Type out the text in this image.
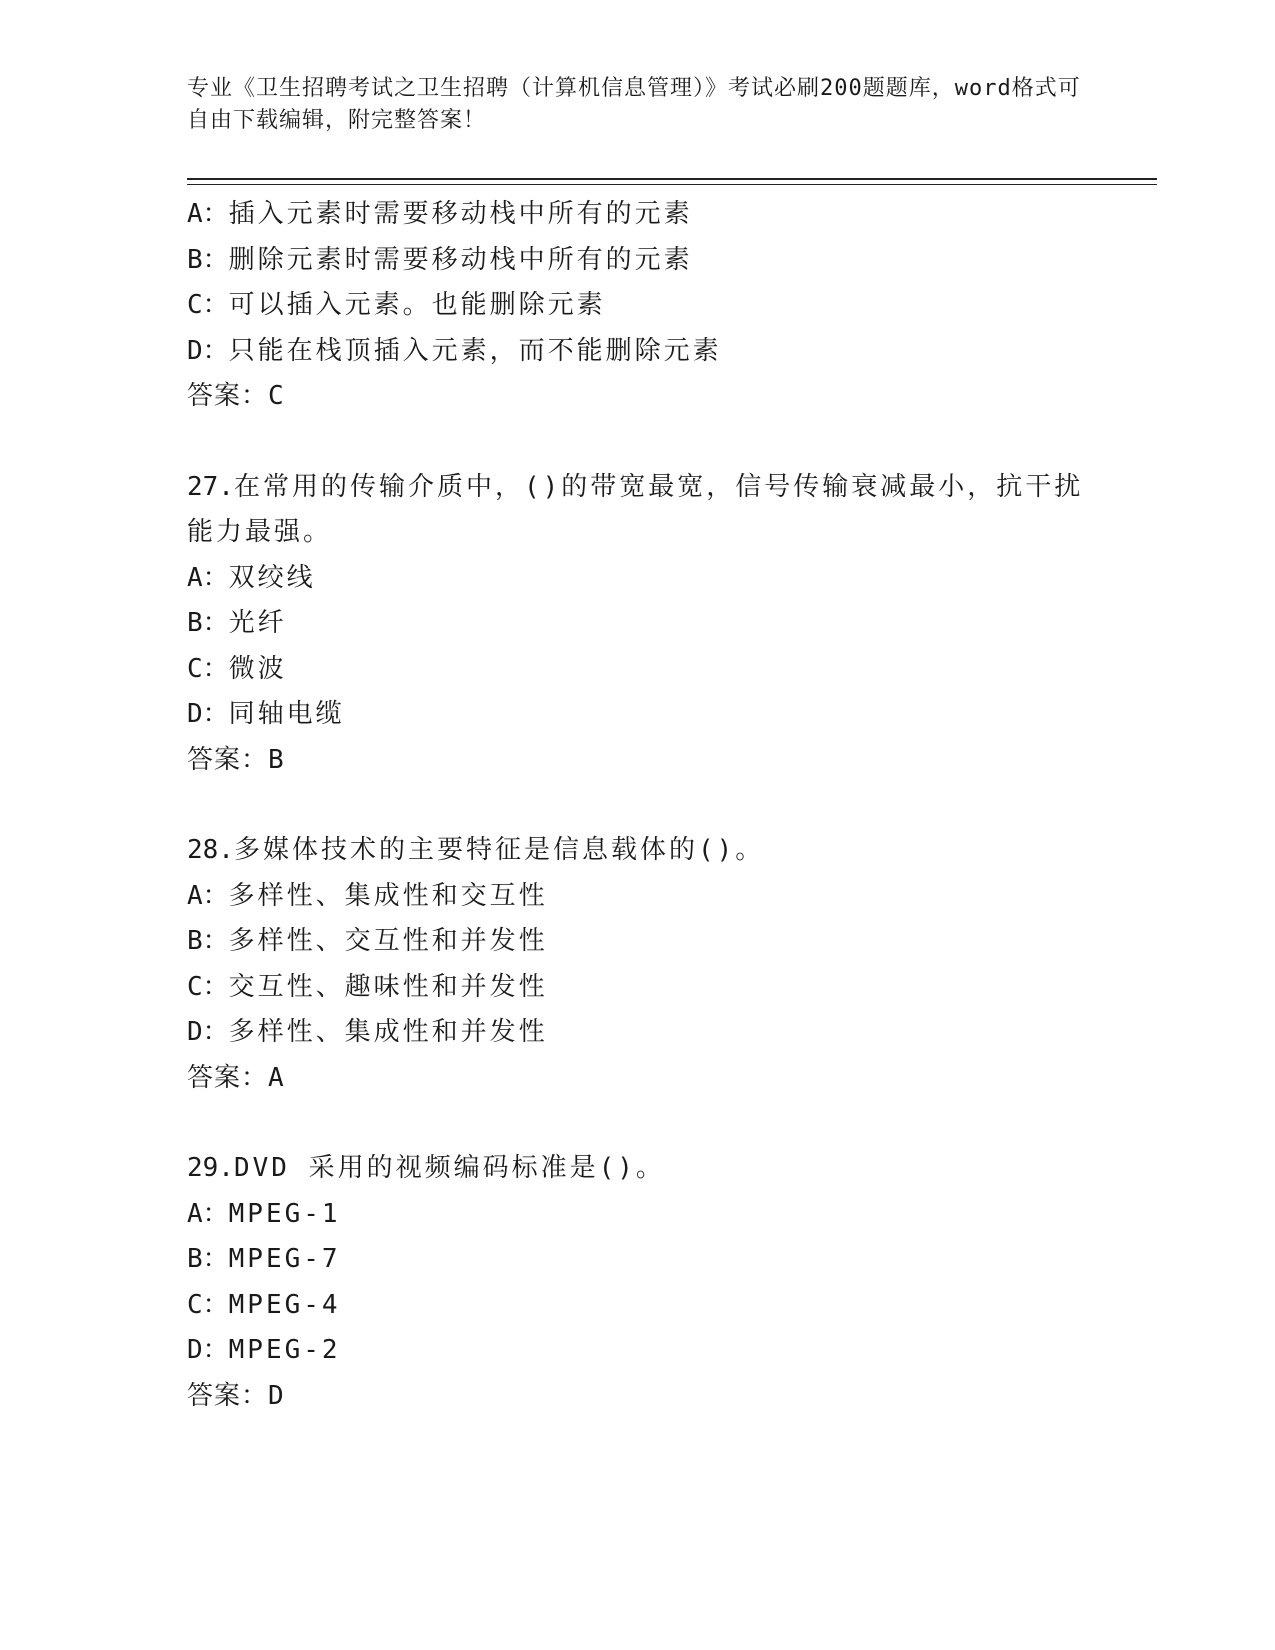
专业《卫生招聘考试之卫生招聘（计算机信息管理）》考试必刷200题题库，word格式可自由下载编辑，附完整答案！
A：插入元素时需要移动栈中所有的元素
B：删除元素时需要移动栈中所有的元素
C：可以插入元素。也能删除元素
D：只能在栈顶插入元素，而不能删除元素
答案：C
27.在常用的传输介质中，()的带宽最宽，信号传输衰减最小，抗干扰能力最强。
A：双绞线
B：光纤
C：微波
D：同轴电缆
答案：B
28.多媒体技术的主要特征是信息载体的()。
A：多样性、集成性和交互性
B：多样性、交互性和并发性
C：交互性、趣味性和并发性
D：多样性、集成性和并发性
答案：A
29.DVD 采用的视频编码标准是()。
A：MPEG-1
B：MPEG-7
C：MPEG-4
D：MPEG-2
答案：D
